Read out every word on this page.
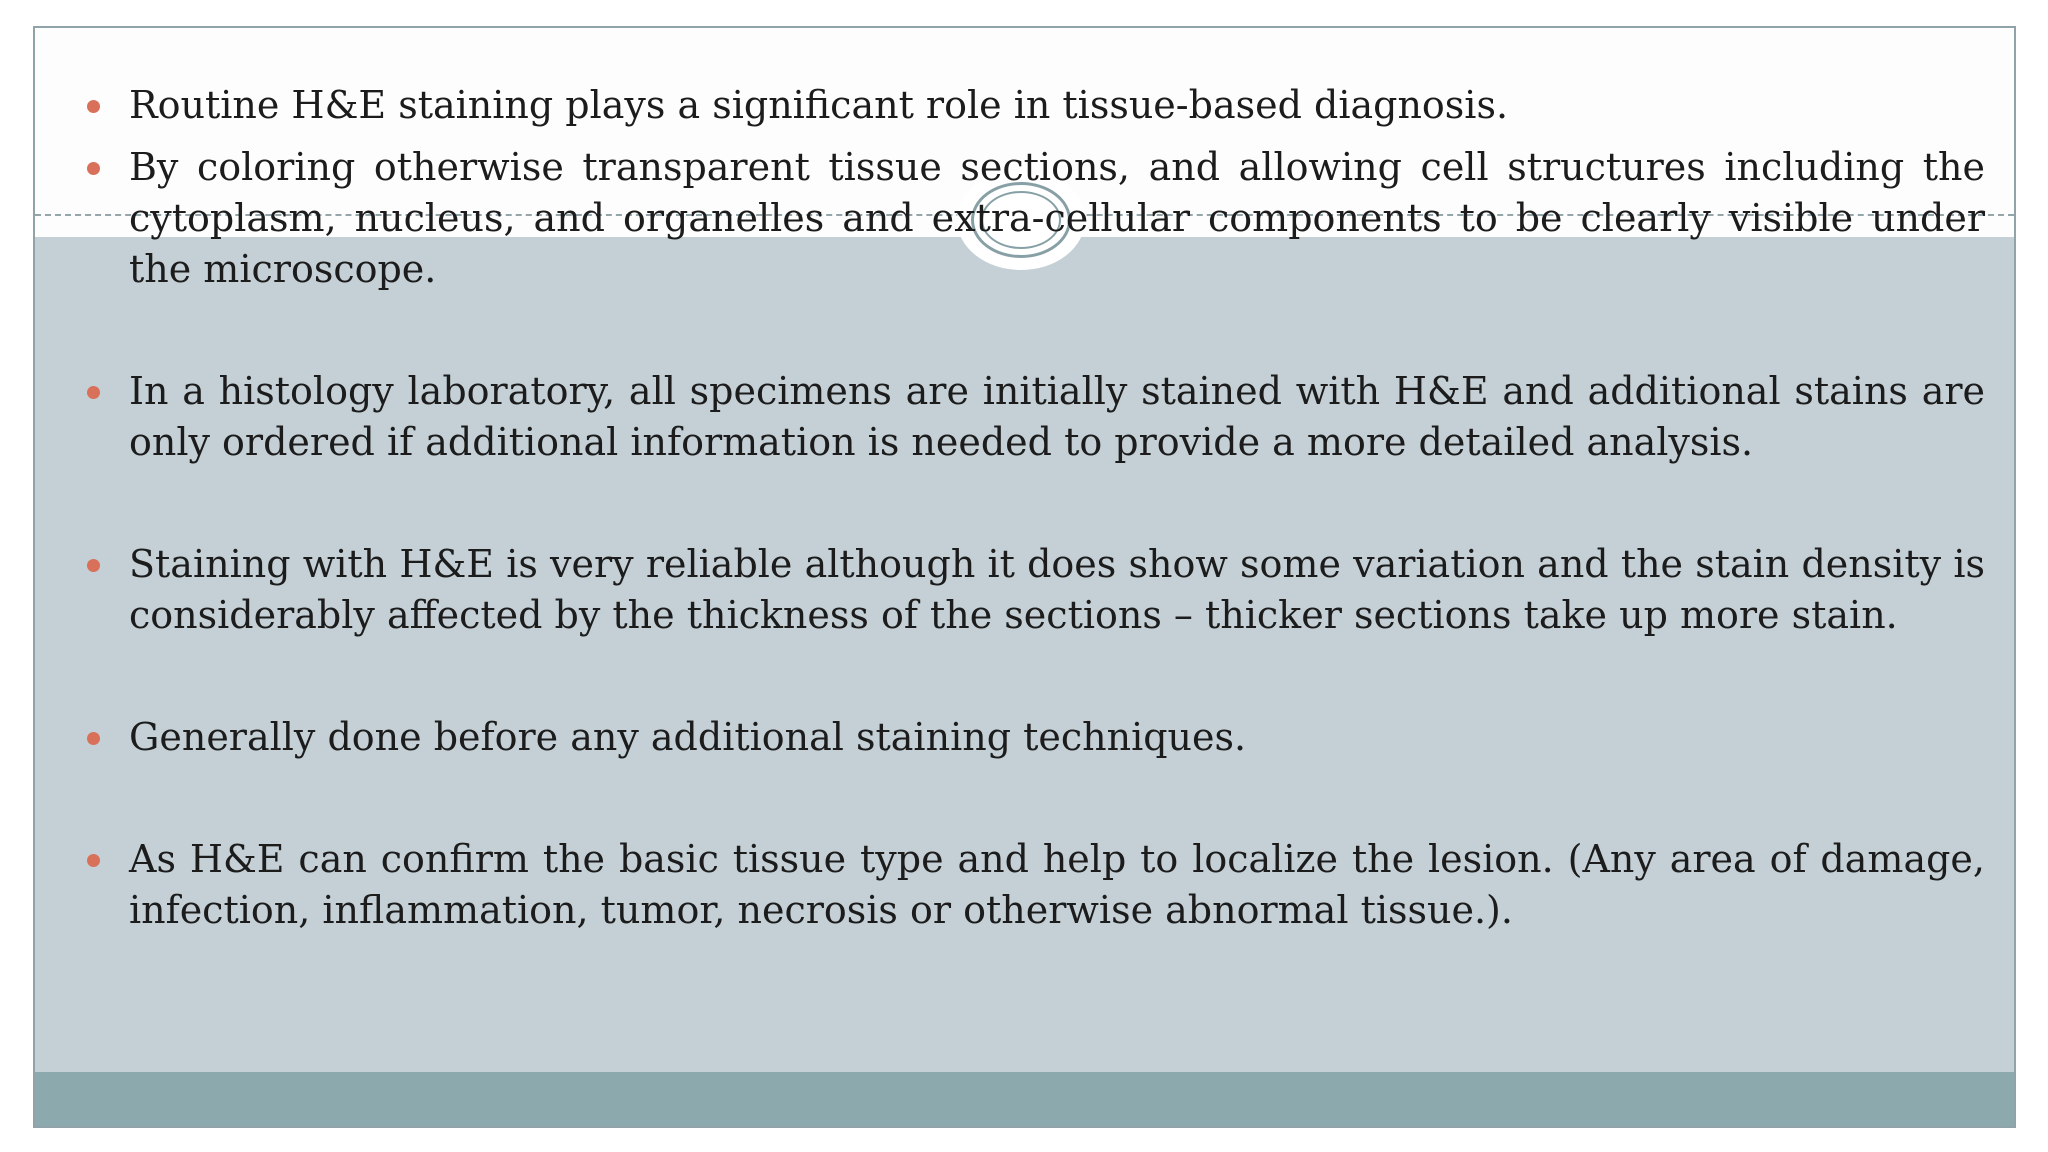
Routine H&E staining plays a significant role in tissue-based diagnosis.
By coloring otherwise transparent tissue sections, and allowing cell structures including the cytoplasm, nucleus, and organelles and extra-cellular components to be clearly visible under the microscope.
In a histology laboratory, all specimens are initially stained with H&E and additional stains are only ordered if additional information is needed to provide a more detailed analysis.
Staining with H&E is very reliable although it does show some variation and the stain density is considerably affected by the thickness of the sections – thicker sections take up more stain.
Generally done before any additional staining techniques.
As H&E can confirm the basic tissue type and help to localize the lesion. (Any area of damage, infection, inflammation, tumor, necrosis or otherwise abnormal tissue.).
